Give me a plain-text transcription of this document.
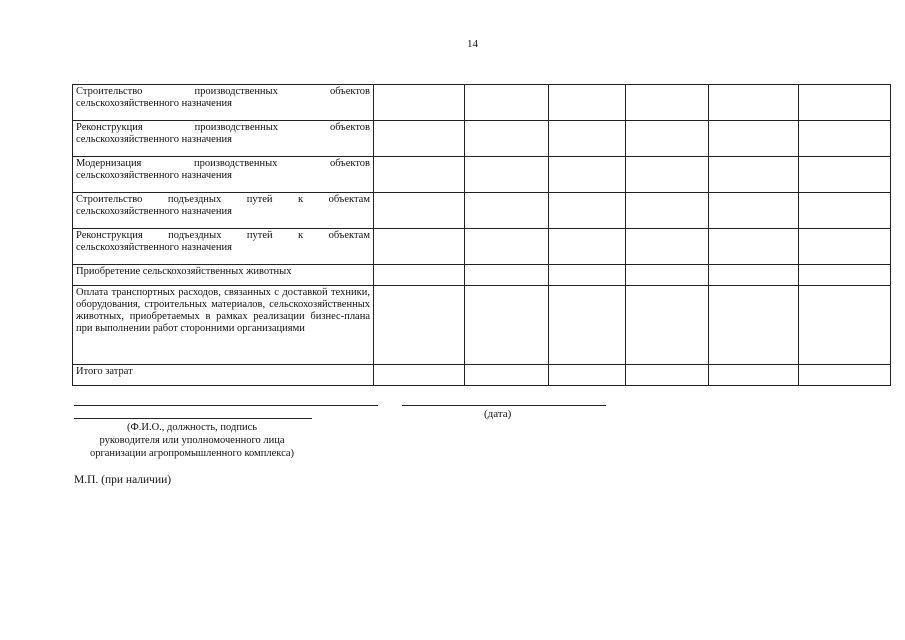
14
Строительство производственных объектов сельскохозяйственного назначения						
Реконструкция производственных объектов сельскохозяйственного назначения						
Модернизация производственных объектов сельскохозяйственного назначения						
Строительство подъездных путей к объектам сельскохозяйственного назначения						
Реконструкция подъездных путей к объектам сельскохозяйственного назначения						
Приобретение сельскохозяйственных животных						
Оплата транспортных расходов, связанных с доставкой техники, оборудования, строительных материалов, сельскохозяйственных животных, приобретаемых в рамках реализации бизнес-плана при выполнении работ сторонними организациями						
Итого затрат						
(дата)
(Ф.И.О., должность, подпись
руководителя или уполномоченного лица
организации агропромышленного комплекса)
М.П. (при наличии)
